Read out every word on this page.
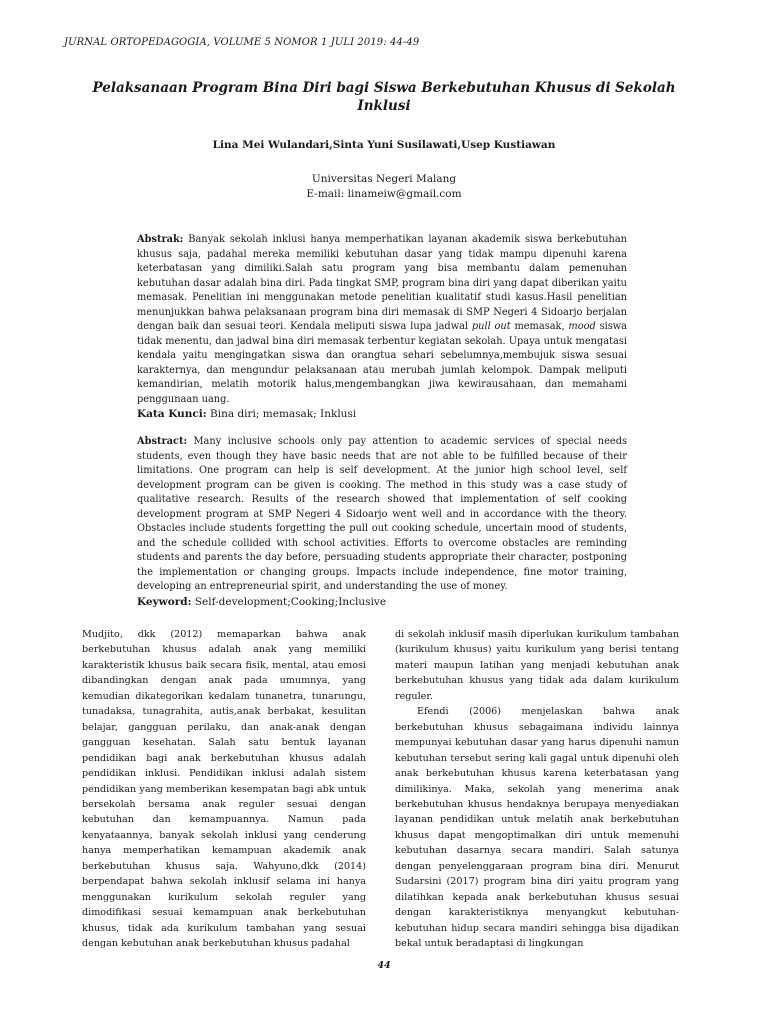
JURNAL ORTOPEDAGOGIA, VOLUME 5 NOMOR 1 JULI 2019: 44-49
Pelaksanaan Program Bina Diri bagi Siswa Berkebutuhan Khusus di Sekolah Inklusi
Lina Mei Wulandari,Sinta Yuni Susilawati,Usep Kustiawan
Universitas Negeri Malang
E-mail: linameiw@gmail.com
Abstrak: Banyak sekolah inklusi hanya memperhatikan layanan akademik siswa berkebutuhan khusus saja, padahal mereka memiliki kebutuhan dasar yang tidak mampu dipenuhi karena keterbatasan yang dimiliki.Salah satu program yang bisa membantu dalam pemenuhan kebutuhan dasar adalah bina diri. Pada tingkat SMP, program bina diri yang dapat diberikan yaitu memasak. Penelitian ini menggunakan metode penelitian kualitatif studi kasus.Hasil penelitian menunjukkan bahwa pelaksanaan program bina diri memasak di SMP Negeri 4 Sidoarjo berjalan dengan baik dan sesuai teori. Kendala meliputi siswa lupa jadwal pull out memasak, mood siswa tidak menentu, dan jadwal bina diri memasak terbentur kegiatan sekolah. Upaya untuk mengatasi kendala yaitu mengingatkan siswa dan orangtua sehari sebelumnya,membujuk siswa sesuai karakternya, dan mengundur pelaksanaan atau merubah jumlah kelompok. Dampak meliputi kemandirian, melatih motorik halus,mengembangkan jiwa kewirausahaan, dan memahami penggunaan uang.
Kata Kunci: Bina diri; memasak; Inklusi
Abstract: Many inclusive schools only pay attention to academic services of special needs students, even though they have basic needs that are not able to be fulfilled because of their limitations. One program can help is self development. At the junior high school level, self development program can be given is cooking. The method in this study was a case study of qualitative research. Results of the research showed that implementation of self cooking development program at SMP Negeri 4 Sidoarjo went well and in accordance with the theory. Obstacles include students forgetting the pull out cooking schedule, uncertain mood of students, and the schedule collided with school activities. Efforts to overcome obstacles are reminding students and parents the day before, persuading students appropriate their character, postponing the implementation or changing groups. Impacts include independence, fine motor training, developing an entrepreneurial spirit, and understanding the use of money.
Keyword: Self-development;Cooking;Inclusive

Mudjito, dkk (2012) memaparkan bahwa anak berkebutuhan khusus adalah anak yang memiliki karakteristik khusus baik secara fisik, mental, atau emosi dibandingkan dengan anak pada umumnya, yang kemudian dikategorikan kedalam tunanetra, tunarungu, tunadaksa, tunagrahita, autis,anak berbakat, kesulitan belajar, gangguan perilaku, dan anak-anak dengan gangguan kesehatan. Salah satu bentuk layanan pendidikan bagi anak berkebutuhan khusus adalah pendidikan inklusi. Pendidikan inklusi adalah sistem pendidikan yang memberikan kesempatan bagi abk untuk bersekolah bersama anak reguler sesuai dengan kebutuhan dan kemampuannya. Namun pada kenyataannya, banyak sekolah inklusi yang cenderung hanya memperhatikan kemampuan akademik anak berkebutuhan khusus saja. Wahyuno,dkk (2014) berpendapat bahwa sekolah inklusif selama ini hanya menggunakan kurikulum sekolah reguler yang dimodifikasi sesuai kemampuan anak berkebutuhan khusus, tidak ada kurikulum tambahan yang sesuai dengan kebutuhan anak berkebutuhan khusus padahal

di sekolah inklusif masih diperlukan kurikulum tambahan (kurikulum khusus) yaitu kurikulum yang berisi tentang materi maupun latihan yang menjadi kebutuhan anak berkebutuhan khusus yang tidak ada dalam kurikulum reguler.

Efendi (2006) menjelaskan bahwa anak berkebutuhan khusus sebagaimana individu lainnya mempunyai kebutuhan dasar yang harus dipenuhi namun kebutuhan tersebut sering kali gagal untuk dipenuhi oleh anak berkebutuhan khusus karena keterbatasan yang dimilikinya. Maka, sekolah yang menerima anak berkebutuhan khusus hendaknya berupaya menyediakan layanan pendidikan untuk melatih anak berkebutuhan khusus dapat mengoptimalkan diri untuk memenuhi kebutuhan dasarnya secara mandiri. Salah satunya dengan penyelenggaraan program bina diri. Menurut Sudarsini (2017) program bina diri yaitu program yang dilatihkan kepada anak berkebutuhan khusus sesuai dengan karakteristiknya menyangkut kebutuhan-kebutuhan hidup secara mandiri sehingga bisa dijadikan bekal untuk beradaptasi di lingkungan

44
